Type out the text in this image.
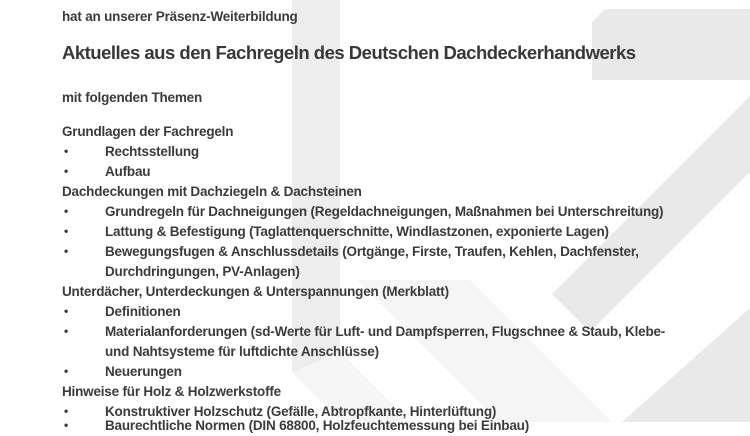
hat an unserer Präsenz-Weiterbildung
Aktuelles aus den Fachregeln des Deutschen Dachdeckerhandwerks
mit folgenden Themen
Grundlagen der Fachregeln
•	Rechtsstellung
•	Aufbau
Dachdeckungen mit Dachziegeln & Dachsteinen
•	Grundregeln für Dachneigungen (Regeldachneigungen, Maßnahmen bei Unterschreitung)
•	Lattung & Befestigung (Taglattenquerschnitte, Windlastzonen, exponierte Lagen)
•	Bewegungsfugen & Anschlussdetails (Ortgänge, Firste, Traufen, Kehlen, Dachfenster,
Durchdringungen, PV-Anlagen)
Unterdächer, Unterdeckungen & Unterspannungen (Merkblatt)
•	Definitionen
•	Materialanforderungen (sd-Werte für Luft- und Dampfsperren, Flugschnee & Staub, Klebe-
und Nahtsysteme für luftdichte Anschlüsse)
•	Neuerungen
Hinweise für Holz & Holzwerkstoffe
•	Konstruktiver Holzschutz (Gefälle, Abtropfkante, Hinterlüftung)
•	Baurechtliche Normen (DIN 68800, Holzfeuchtemessung bei Einbau)
